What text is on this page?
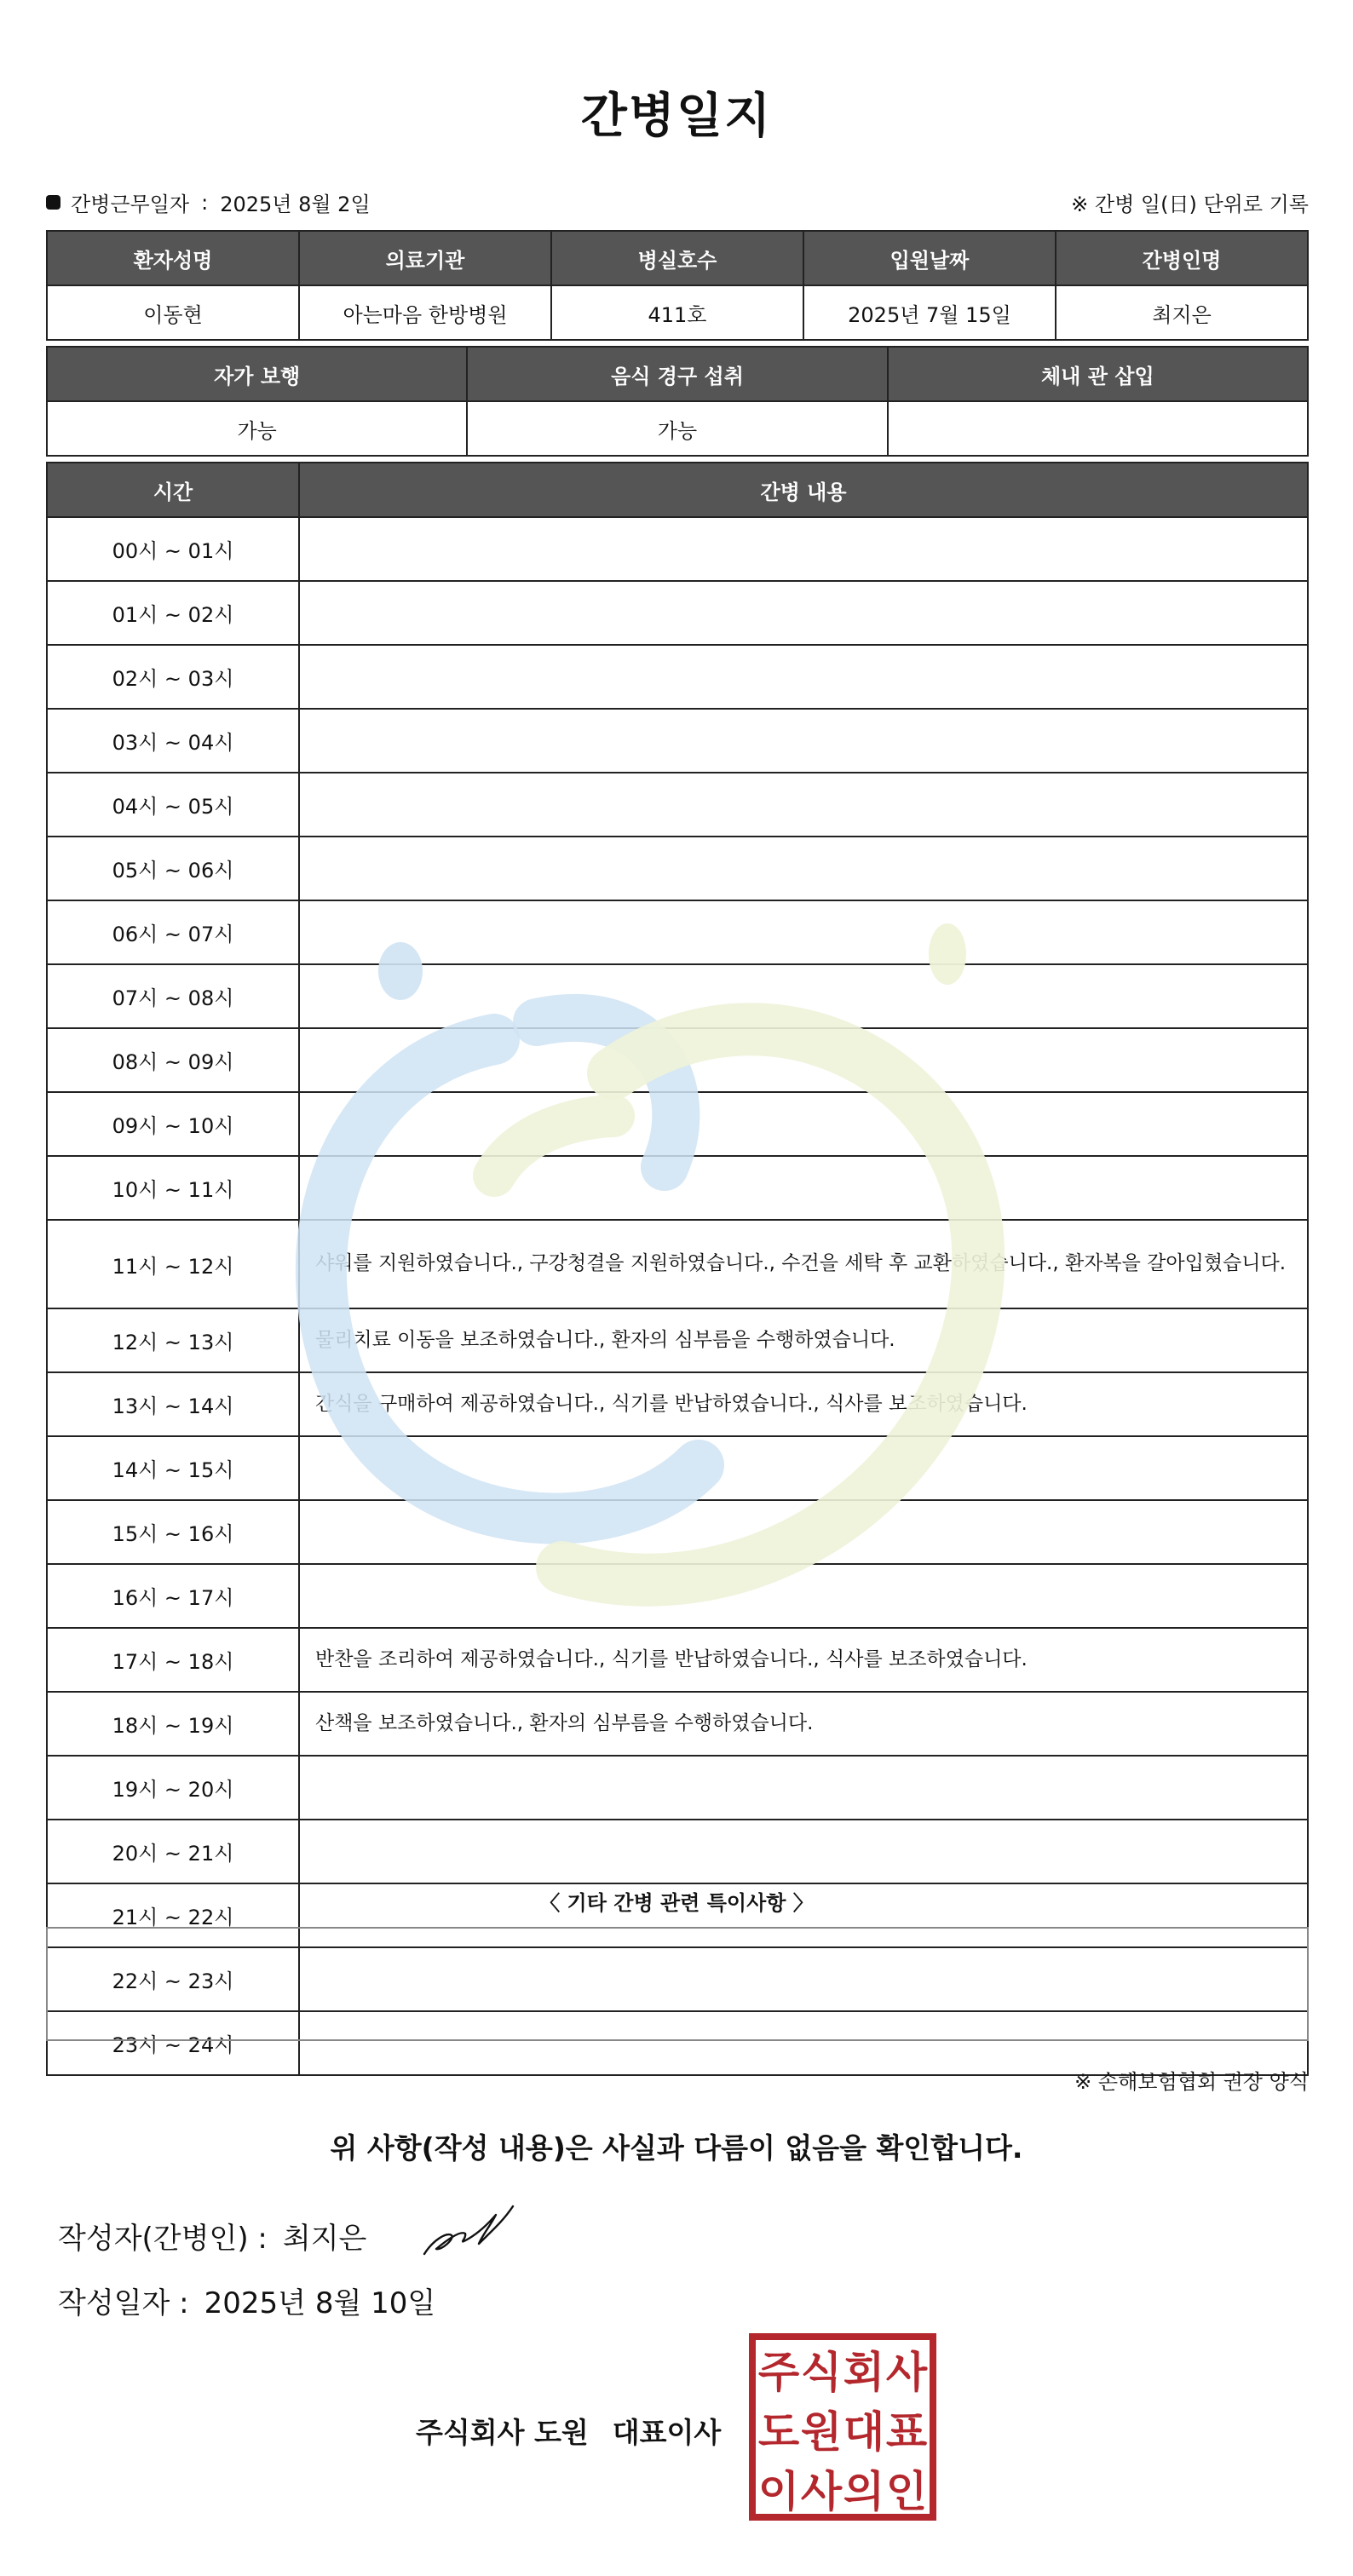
간병일지
간병근무일자 : 2025년 8월 2일	※ 간병 일(日) 단위로 기록
환자성명	의료기관	병실호수	입원날짜	간병인명
이동현	아는마음 한방병원	411호	2025년 7월 15일	최지은
자가 보행	음식 경구 섭취	체내 관 삽입
가능	가능	
시간	간병 내용
00시 ~ 01시	
01시 ~ 02시	
02시 ~ 03시	
03시 ~ 04시	
04시 ~ 05시	
05시 ~ 06시	
06시 ~ 07시	
07시 ~ 08시	
08시 ~ 09시	
09시 ~ 10시	
10시 ~ 11시	
11시 ~ 12시	샤워를 지원하였습니다., 구강청결을 지원하였습니다., 수건을 세탁 후 교환하였습니다., 환자복을 갈아입혔습니다.
12시 ~ 13시	물리치료 이동을 보조하였습니다., 환자의 심부름을 수행하였습니다.
13시 ~ 14시	간식을 구매하여 제공하였습니다., 식기를 반납하였습니다., 식사를 보조하였습니다.
14시 ~ 15시	
15시 ~ 16시	
16시 ~ 17시	
17시 ~ 18시	반찬을 조리하여 제공하였습니다., 식기를 반납하였습니다., 식사를 보조하였습니다.
18시 ~ 19시	산책을 보조하였습니다., 환자의 심부름을 수행하였습니다.
19시 ~ 20시	
20시 ~ 21시	
21시 ~ 22시	
22시 ~ 23시	
23시 ~ 24시	
〈 기타 간병 관련 특이사항 〉
※ 손해보험협회 권장 양식
위 사항(작성 내용)은 사실과 다름이 없음을 확인합니다.
작성자(간병인) : 최지은
작성일자 : 2025년 8월 10일
주식회사 도원 대표이사
주 식 회 사
도 원 대 표
이 사 의 인
